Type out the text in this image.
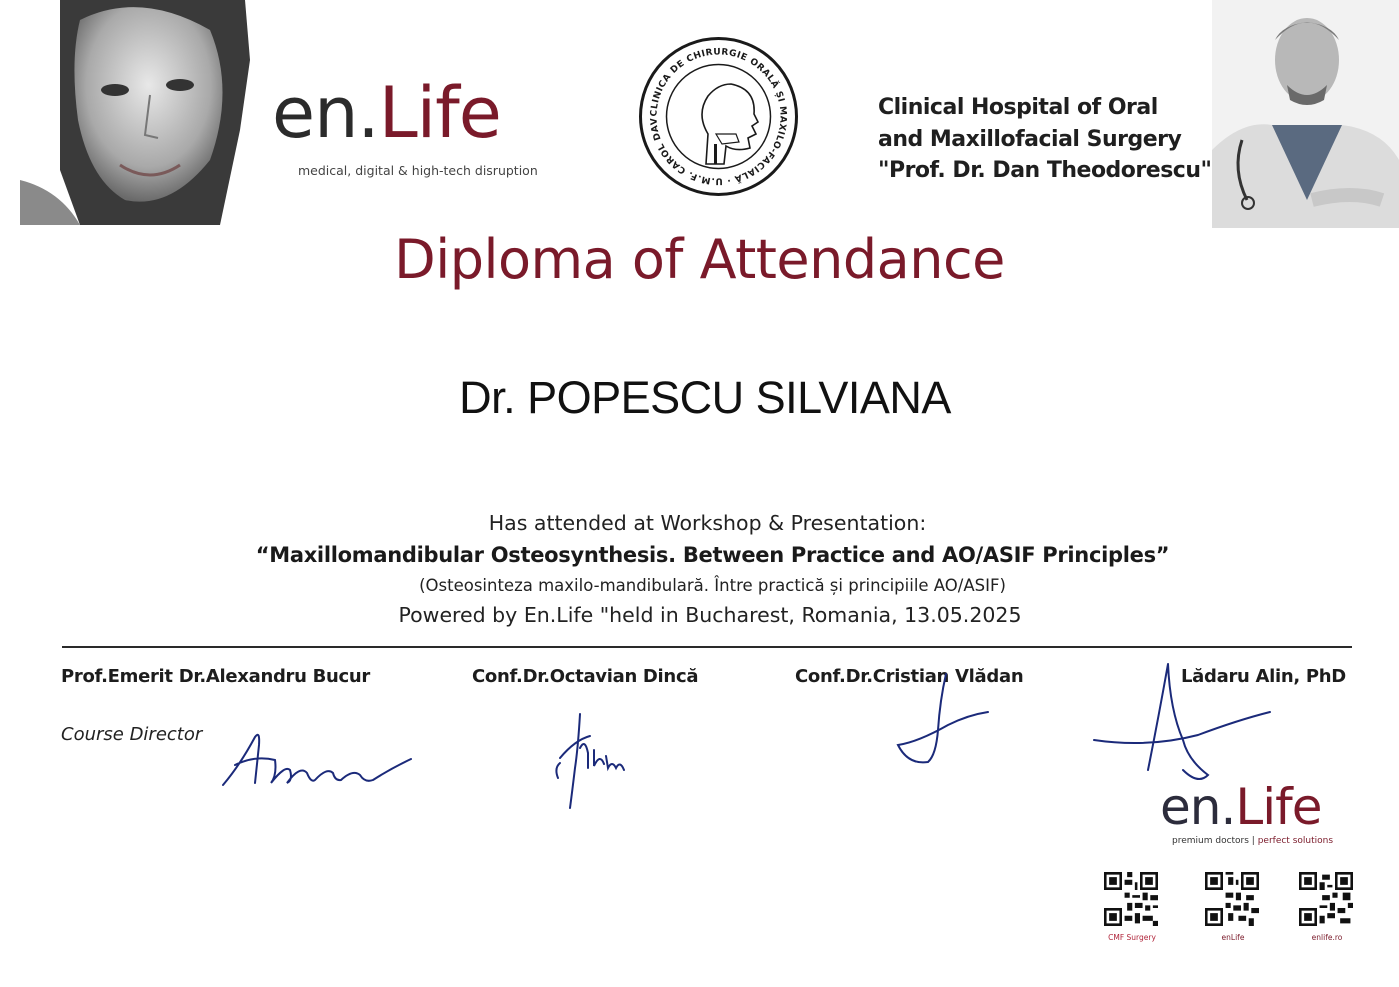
en.Life
medical, digital & high-tech disruption
CLINICA DE CHIRURGIE ORALĂ ȘI MAXILO-FACIALĂ · U.M.F. CAROL DAV
Clinical Hospital of Oral
and Maxillofacial Surgery
"Prof. Dr. Dan Theodorescu"
Diploma of Attendance
Dr. POPESCU SILVIANA
Has attended at Workshop & Presentation:
“Maxillomandibular Osteosynthesis. Between Practice and AO/ASIF Principles”
(Osteosinteza maxilo-mandibulară. Între practică și principiile AO/ASIF)
Powered by En.Life "held in Bucharest, Romania, 13.05.2025
Prof.Emerit Dr.Alexandru Bucur
Course Director
Conf.Dr.Octavian Dincă	Conf.Dr.Cristian Vlădan	Lădaru Alin, PhD
en.Life
premium doctors | perfect solutions
CMF Surgery	enLife	enlife.ro
